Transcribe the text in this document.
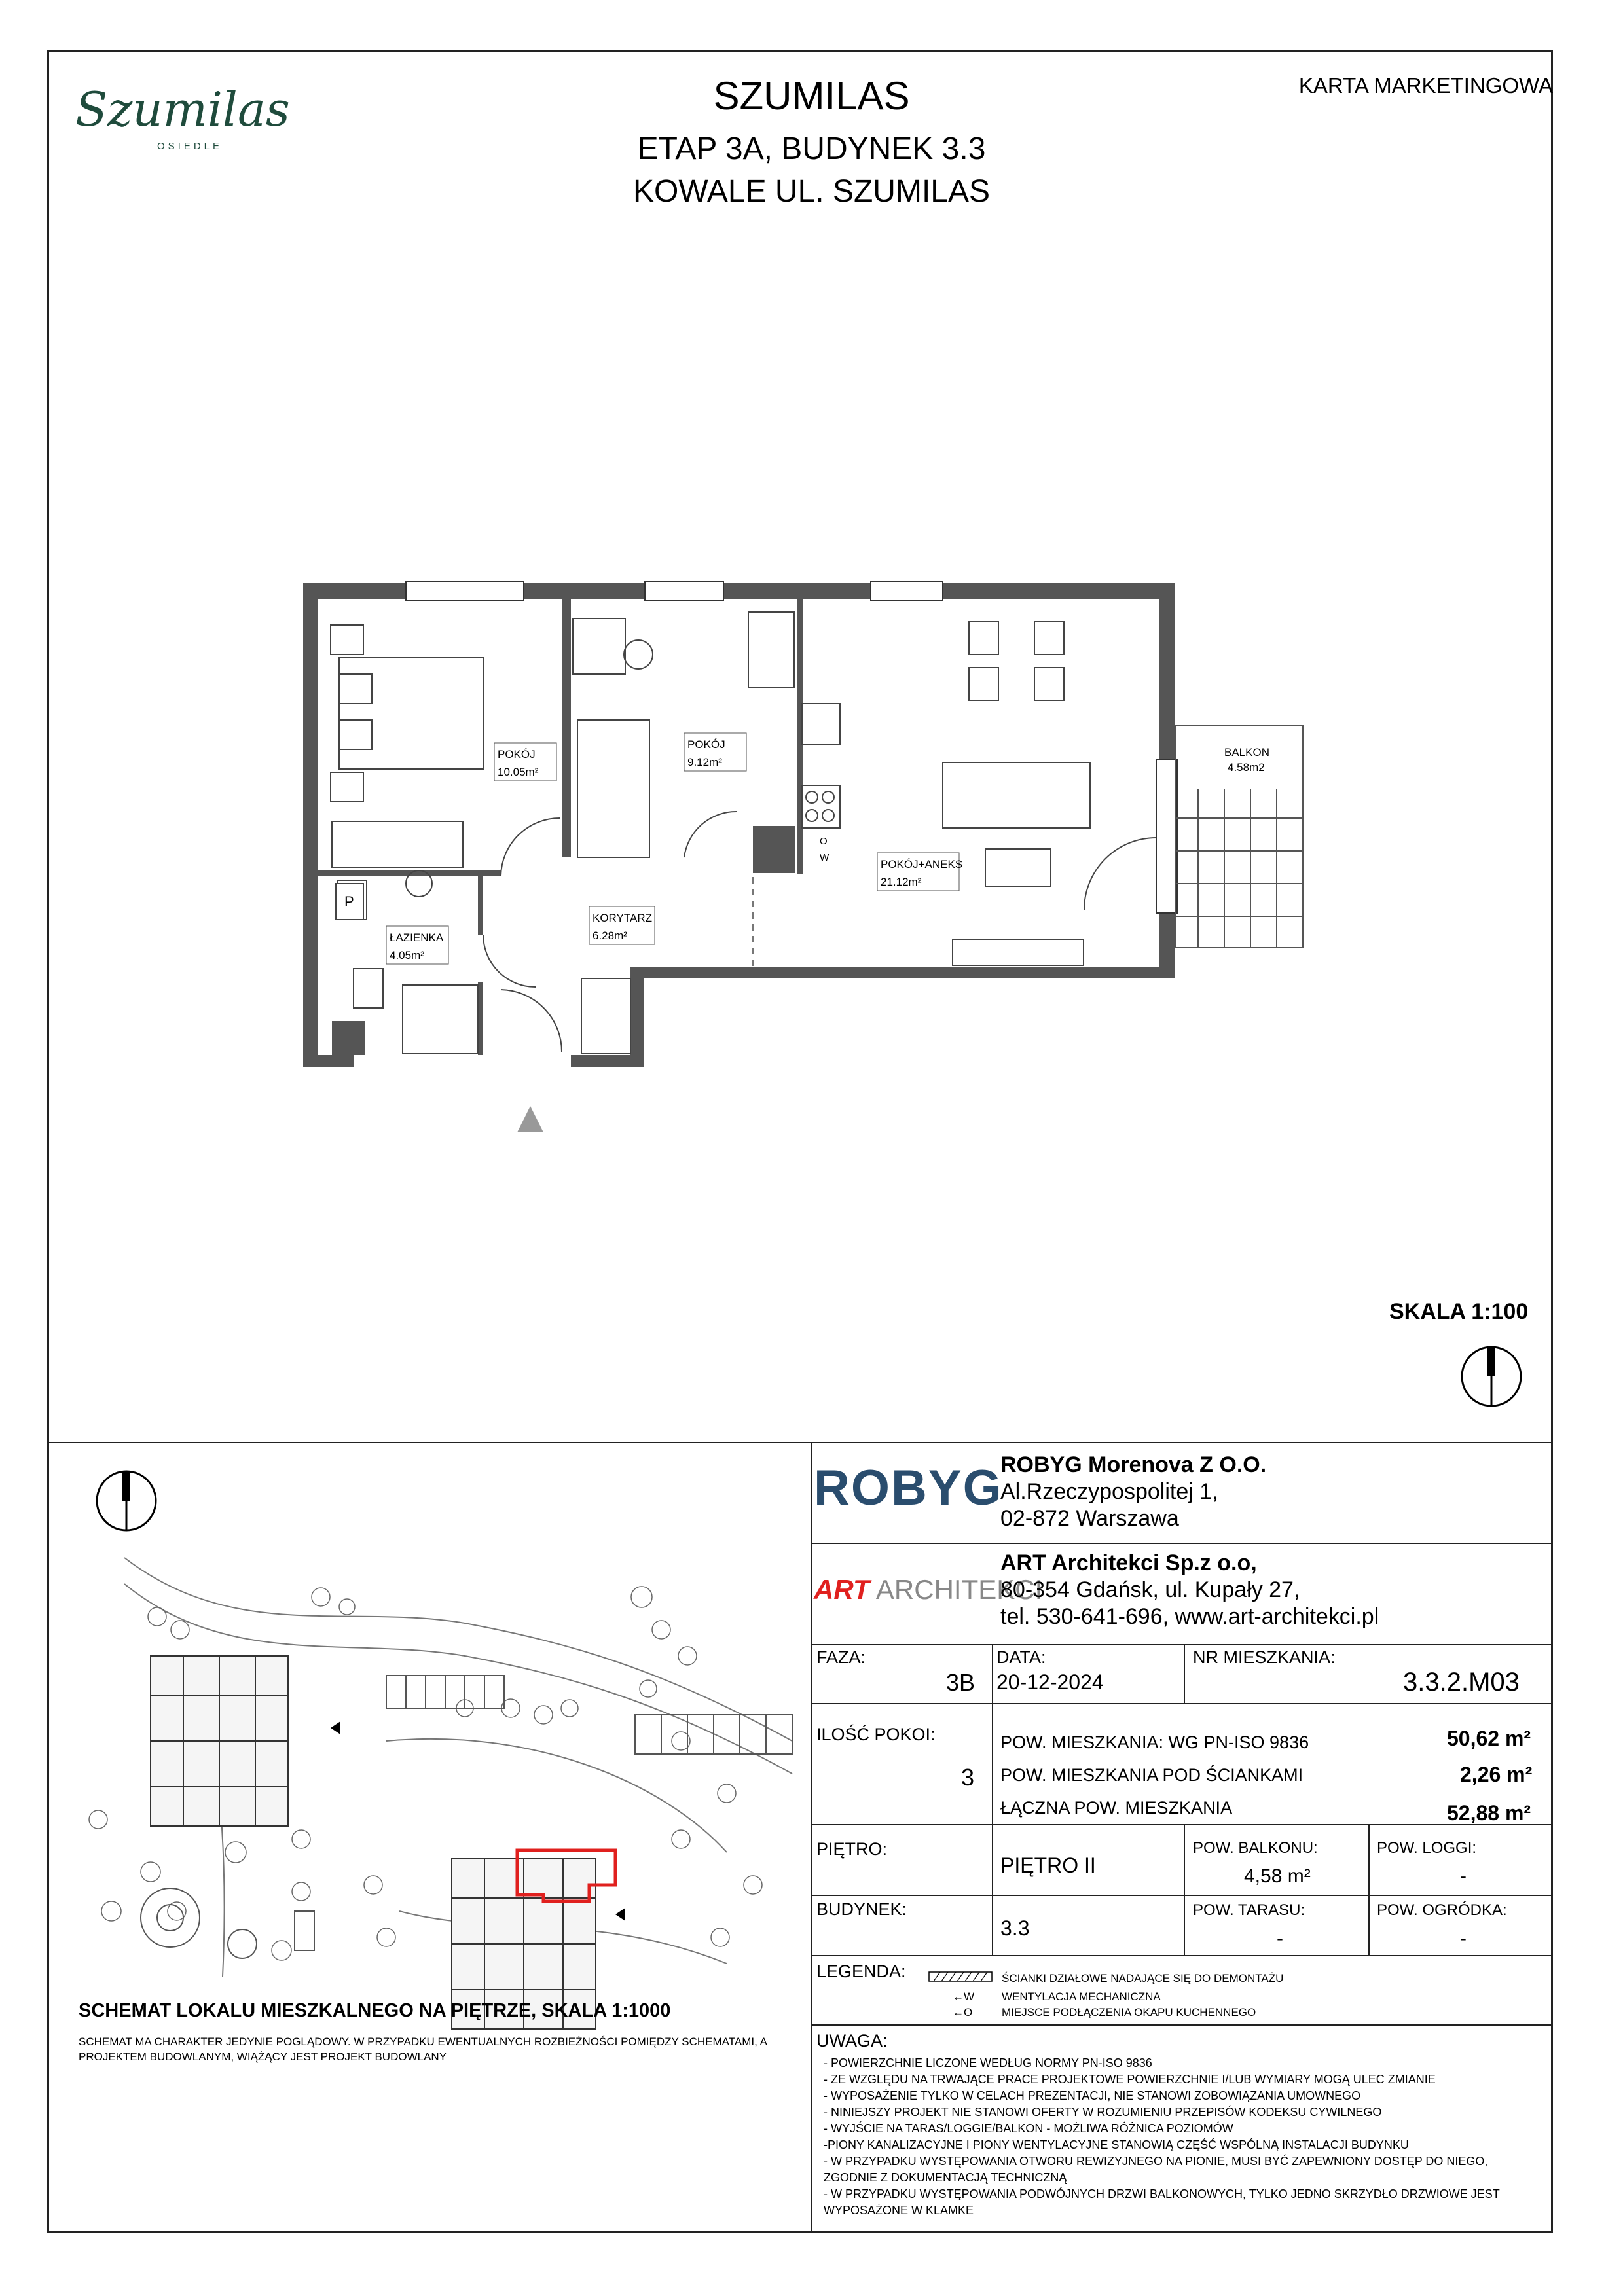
Szumilas
OSIEDLE
SZUMILAS
ETAP 3A, BUDYNEK 3.3
KOWALE UL. SZUMILAS
KARTA MARKETINGOWA
POKÓJ
10.05m²
POKÓJ
9.12m²
POKÓJ+ANEKS
21.12m²
KORYTARZ
6.28m²
ŁAZIENKA
4.05m²
BALKON
4.58m2
P
O
W
SKALA 1:100
SCHEMAT LOKALU MIESZKALNEGO NA PIĘTRZE, SKALA 1:1000
SCHEMAT MA CHARAKTER JEDYNIE POGLĄDOWY. W PRZYPADKU EWENTUALNYCH ROZBIEŻNOŚCI POMIĘDZY SCHEMATAMI, A PROJEKTEM BUDOWLANYM, WIĄŻĄCY JEST PROJEKT BUDOWLANY
ROBYG
ROBYG Morenova Z O.O.
Al.Rzeczypospolitej 1,
02-872 Warszawa
ART ARCHITEKCI
ART Architekci Sp.z o.o,
80-354 Gdańsk, ul. Kupały 27,
tel. 530-641-696, www.art-architekci.pl
FAZA:
3B
DATA:
20-12-2024
NR MIESZKANIA:
3.3.2.M03
ILOŚĆ POKOI:
3
POW. MIESZKANIA: WG PN-ISO 9836	50,62 m²
POW. MIESZKANIA POD ŚCIANKAMI	2,26 m²
ŁĄCZNA POW. MIESZKANIA	52,88 m²
PIĘTRO:
PIĘTRO II
POW. BALKONU:
4,58 m²
POW. LOGGI:
-
BUDYNEK:
3.3
POW. TARASU:
-
POW. OGRÓDKA:
-
LEGENDA:	ŚCIANKI DZIAŁOWE NADAJĄCE SIĘ DO DEMONTAŻU
←W WENTYLACJA MECHANICZNA
←O	MIEJSCE PODŁĄCZENIA OKAPU KUCHENNEGO
UWAGA:
- POWIERZCHNIE LICZONE WEDŁUG NORMY PN-ISO 9836
- ZE WZGLĘDU NA TRWAJĄCE PRACE PROJEKTOWE POWIERZCHNIE I/LUB WYMIARY MOGĄ ULEC ZMIANIE
- WYPOSAŻENIE TYLKO W CELACH PREZENTACJI, NIE STANOWI ZOBOWIĄZANIA UMOWNEGO
- NINIEJSZY PROJEKT NIE STANOWI OFERTY W ROZUMIENIU PRZEPISÓW KODEKSU CYWILNEGO
- WYJŚCIE NA TARAS/LOGGIE/BALKON - MOŻLIWA RÓŻNICA POZIOMÓW
-PIONY KANALIZACYJNE I PIONY WENTYLACYJNE STANOWIĄ CZĘŚĆ WSPÓLNĄ INSTALACJI BUDYNKU
- W PRZYPADKU WYSTĘPOWANIA OTWORU REWIZYJNEGO NA PIONIE, MUSI BYĆ ZAPEWNIONY DOSTĘP DO NIEGO, ZGODNIE Z DOKUMENTACJĄ TECHNICZNĄ
- W PRZYPADKU WYSTĘPOWANIA PODWÓJNYCH DRZWI BALKONOWYCH, TYLKO JEDNO SKRZYDŁO DRZWIOWE JEST WYPOSAŻONE W KLAMKE
